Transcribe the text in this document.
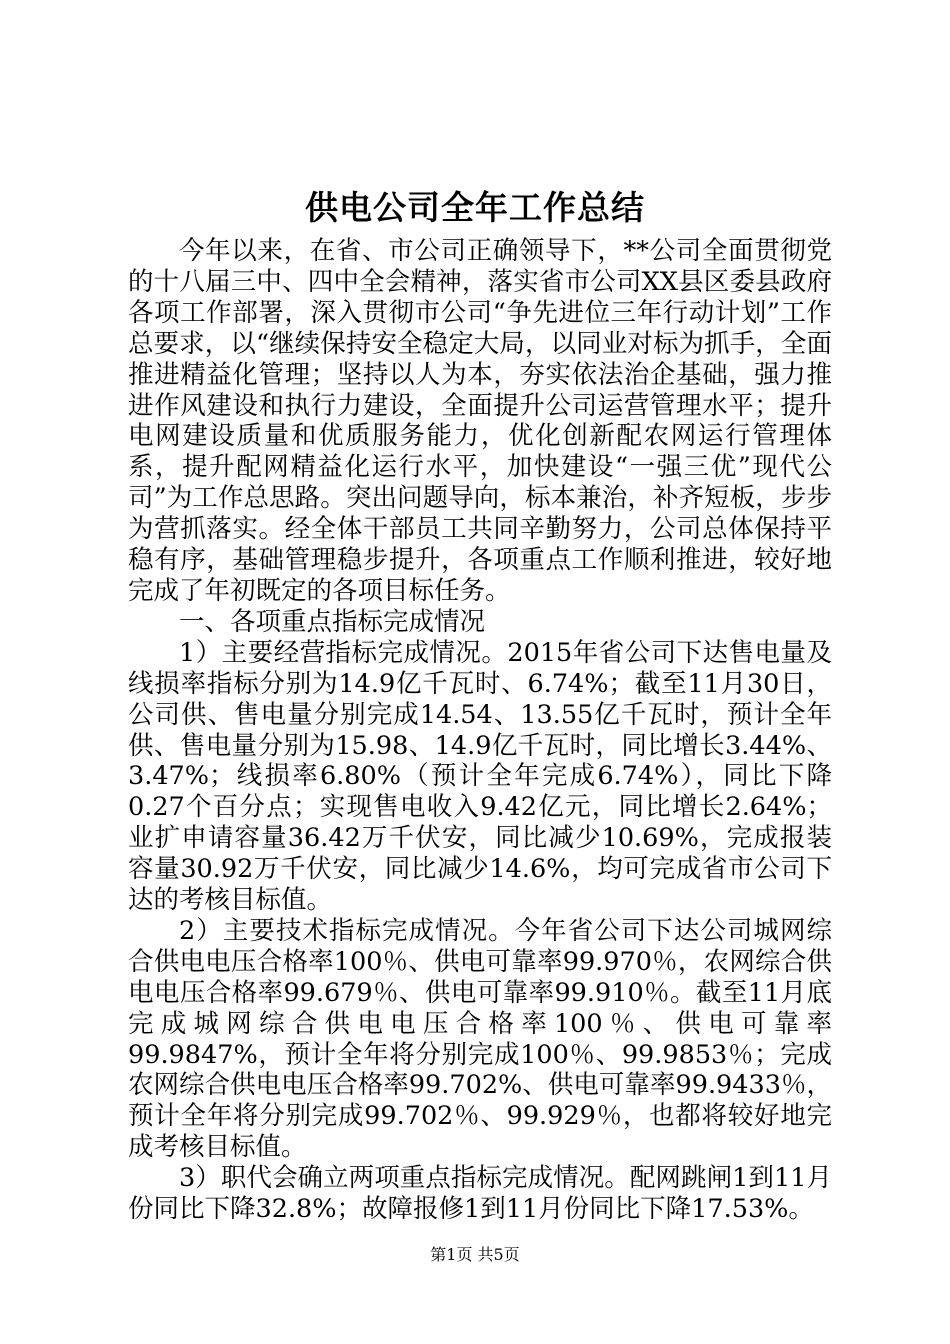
供电公司全年工作总结

今年以来，在省、市公司正确领导下，**公司全面贯彻党的十八届三中、四中全会精神，落实省市公司XX县区委县政府各项工作部署，深入贯彻市公司“争先进位三年行动计划”工作总要求，以“继续保持安全稳定大局，以同业对标为抓手，全面推进精益化管理；坚持以人为本，夯实依法治企基础，强力推进作风建设和执行力建设，全面提升公司运营管理水平；提升电网建设质量和优质服务能力，优化创新配农网运行管理体系，提升配网精益化运行水平，加快建设“一强三优”现代公司”为工作总思路。突出问题导向，标本兼治，补齐短板，步步为营抓落实。经全体干部员工共同辛勤努力，公司总体保持平稳有序，基础管理稳步提升，各项重点工作顺利推进，较好地完成了年初既定的各项目标任务。

一、各项重点指标完成情况

1）主要经营指标完成情况。2015年省公司下达售电量及线损率指标分别为14.9亿千瓦时、6.74%；截至11月30日，公司供、售电量分别完成14.54、13.55亿千瓦时，预计全年供、售电量分别为15.98、14.9亿千瓦时，同比增长3.44%、3.47%；线损率6.80%（预计全年完成6.74%），同比下降0.27个百分点；实现售电收入9.42亿元，同比增长2.64%；业扩申请容量36.42万千伏安，同比减少10.69%，完成报装容量30.92万千伏安，同比减少14.6%，均可完成省市公司下达的考核目标值。

2）主要技术指标完成情况。今年省公司下达公司城网综合供电电压合格率100％、供电可靠率99.970％，农网综合供电电压合格率99.679％、供电可靠率99.910％。截至11月底完成城网综合供电电压合格率100％、供电可靠率99.9847%，预计全年将分别完成100％、99.9853％；完成农网综合供电电压合格率99.702%、供电可靠率99.9433％，预计全年将分别完成99.702％、99.929％，也都将较好地完成考核目标值。

3）职代会确立两项重点指标完成情况。配网跳闸1到11月份同比下降32.8%；故障报修1到11月份同比下降17.53%。

第1页 共5页
